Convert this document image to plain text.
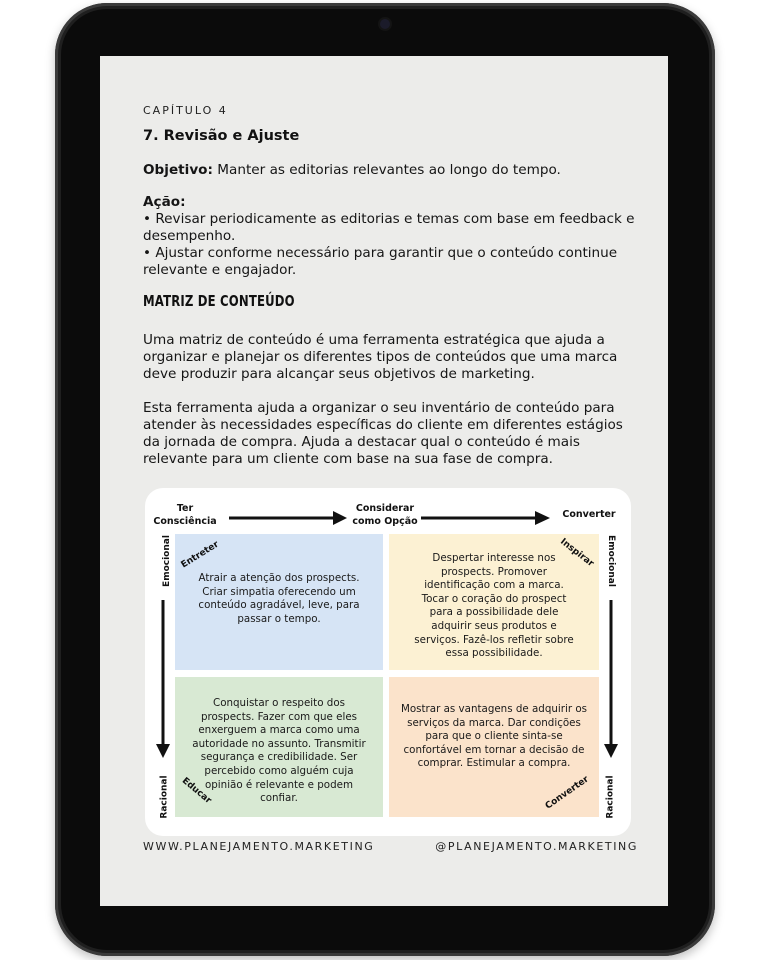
CAPÍTULO 4
7. Revisão e Ajuste
Objetivo: Manter as editorias relevantes ao longo do tempo.
Ação:
• Revisar periodicamente as editorias e temas com base em feedback e desempenho.
• Ajustar conforme necessário para garantir que o conteúdo continue relevante e engajador.
MATRIZ DE CONTEÚDO
Uma matriz de conteúdo é uma ferramenta estratégica que ajuda a organizar e planejar os diferentes tipos de conteúdos que uma marca deve produzir para alcançar seus objetivos de marketing.
Esta ferramenta ajuda a organizar o seu inventário de conteúdo para atender às necessidades específicas do cliente em diferentes estágios da jornada de compra. Ajuda a destacar qual o conteúdo é mais relevante para um cliente com base na sua fase de compra.
Ter
Consciência
Considerar
como Opção
Converter
Emocional
Racional
Emocional
Racional
Atrair a atenção dos prospects. Criar simpatia oferecendo um conteúdo agradável, leve, para passar o tempo.
Despertar interesse nos prospects. Promover identificação com a marca. Tocar o coração do prospect para a possibilidade dele adquirir seus produtos e serviços. Fazê-los refletir sobre essa possibilidade.
Conquistar o respeito dos prospects. Fazer com que eles enxerguem a marca como uma autoridade no assunto. Transmitir segurança e credibilidade. Ser percebido como alguém cuja opinião é relevante e podem confiar.
Mostrar as vantagens de adquirir os serviços da marca. Dar condições para que o cliente sinta-se confortável em tornar a decisão de comprar. Estimular a compra.
Entreter	Inspirar
Educar	Converter
WWW.PLANEJAMENTO.MARKETING	@PLANEJAMENTO.MARKETING
